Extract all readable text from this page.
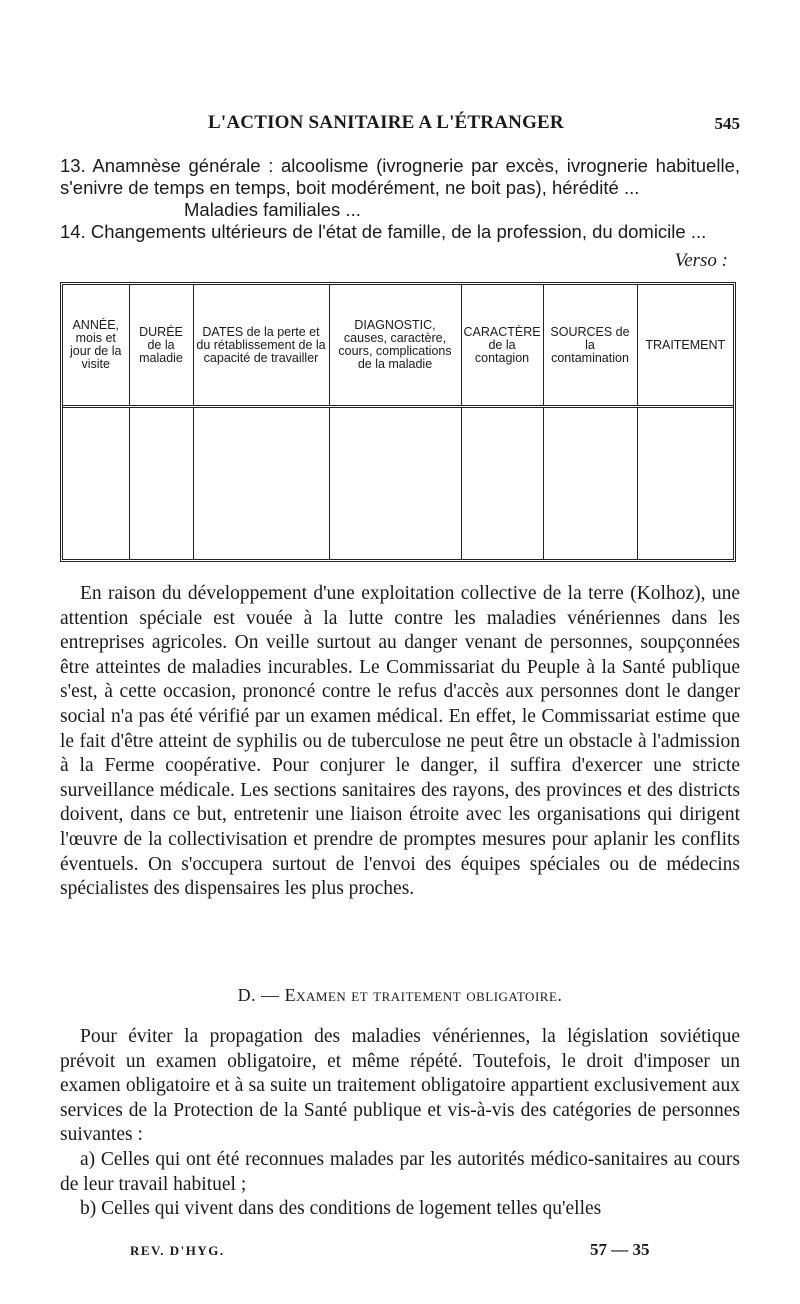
L'ACTION SANITAIRE A L'ÉTRANGER	545

13. Anamnèse générale : alcoolisme (ivrognerie par excès, ivrognerie habituelle, s'enivre de temps en temps, boit modérément, ne boit pas), hérédité ...

Maladies familiales ...

14. Changements ultérieurs de l'état de famille, de la profession, du domicile ...

Verso :
ANNÉE, mois et jour de la visite	DURÉE de la maladie	DATES de la perte et du rétablissement de la capacité de travailler	DIAGNOSTIC, causes, caractère, cours, complications de la maladie	CARACTÈRE de la contagion	SOURCES de la contamination	TRAITEMENT

En raison du développement d'une exploitation collective de la terre (Kolhoz), une attention spéciale est vouée à la lutte contre les maladies vénériennes dans les entreprises agricoles. On veille surtout au danger venant de personnes, soupçonnées être atteintes de maladies incurables. Le Commissariat du Peuple à la Santé publique s'est, à cette occasion, prononcé contre le refus d'accès aux personnes dont le danger social n'a pas été vérifié par un examen médical. En effet, le Commissariat estime que le fait d'être atteint de syphilis ou de tuberculose ne peut être un obstacle à l'admission à la Ferme coopérative. Pour conjurer le danger, il suffira d'exercer une stricte surveillance médicale. Les sections sanitaires des rayons, des provinces et des districts doivent, dans ce but, entretenir une liaison étroite avec les organisations qui dirigent l'œuvre de la collectivisation et prendre de promptes mesures pour aplanir les conflits éventuels. On s'occupera surtout de l'envoi des équipes spéciales ou de médecins spécialistes des dispensaires les plus proches.

D. — Examen et traitement obligatoire.

Pour éviter la propagation des maladies vénériennes, la législation soviétique prévoit un examen obligatoire, et même répété. Toutefois, le droit d'imposer un examen obligatoire et à sa suite un traitement obligatoire appartient exclusivement aux services de la Protection de la Santé publique et vis-à-vis des catégories de personnes suivantes :

a) Celles qui ont été reconnues malades par les autorités médico-sanitaires au cours de leur travail habituel ;

b) Celles qui vivent dans des conditions de logement telles qu'elles

REV. D'HYG.	57 — 35
